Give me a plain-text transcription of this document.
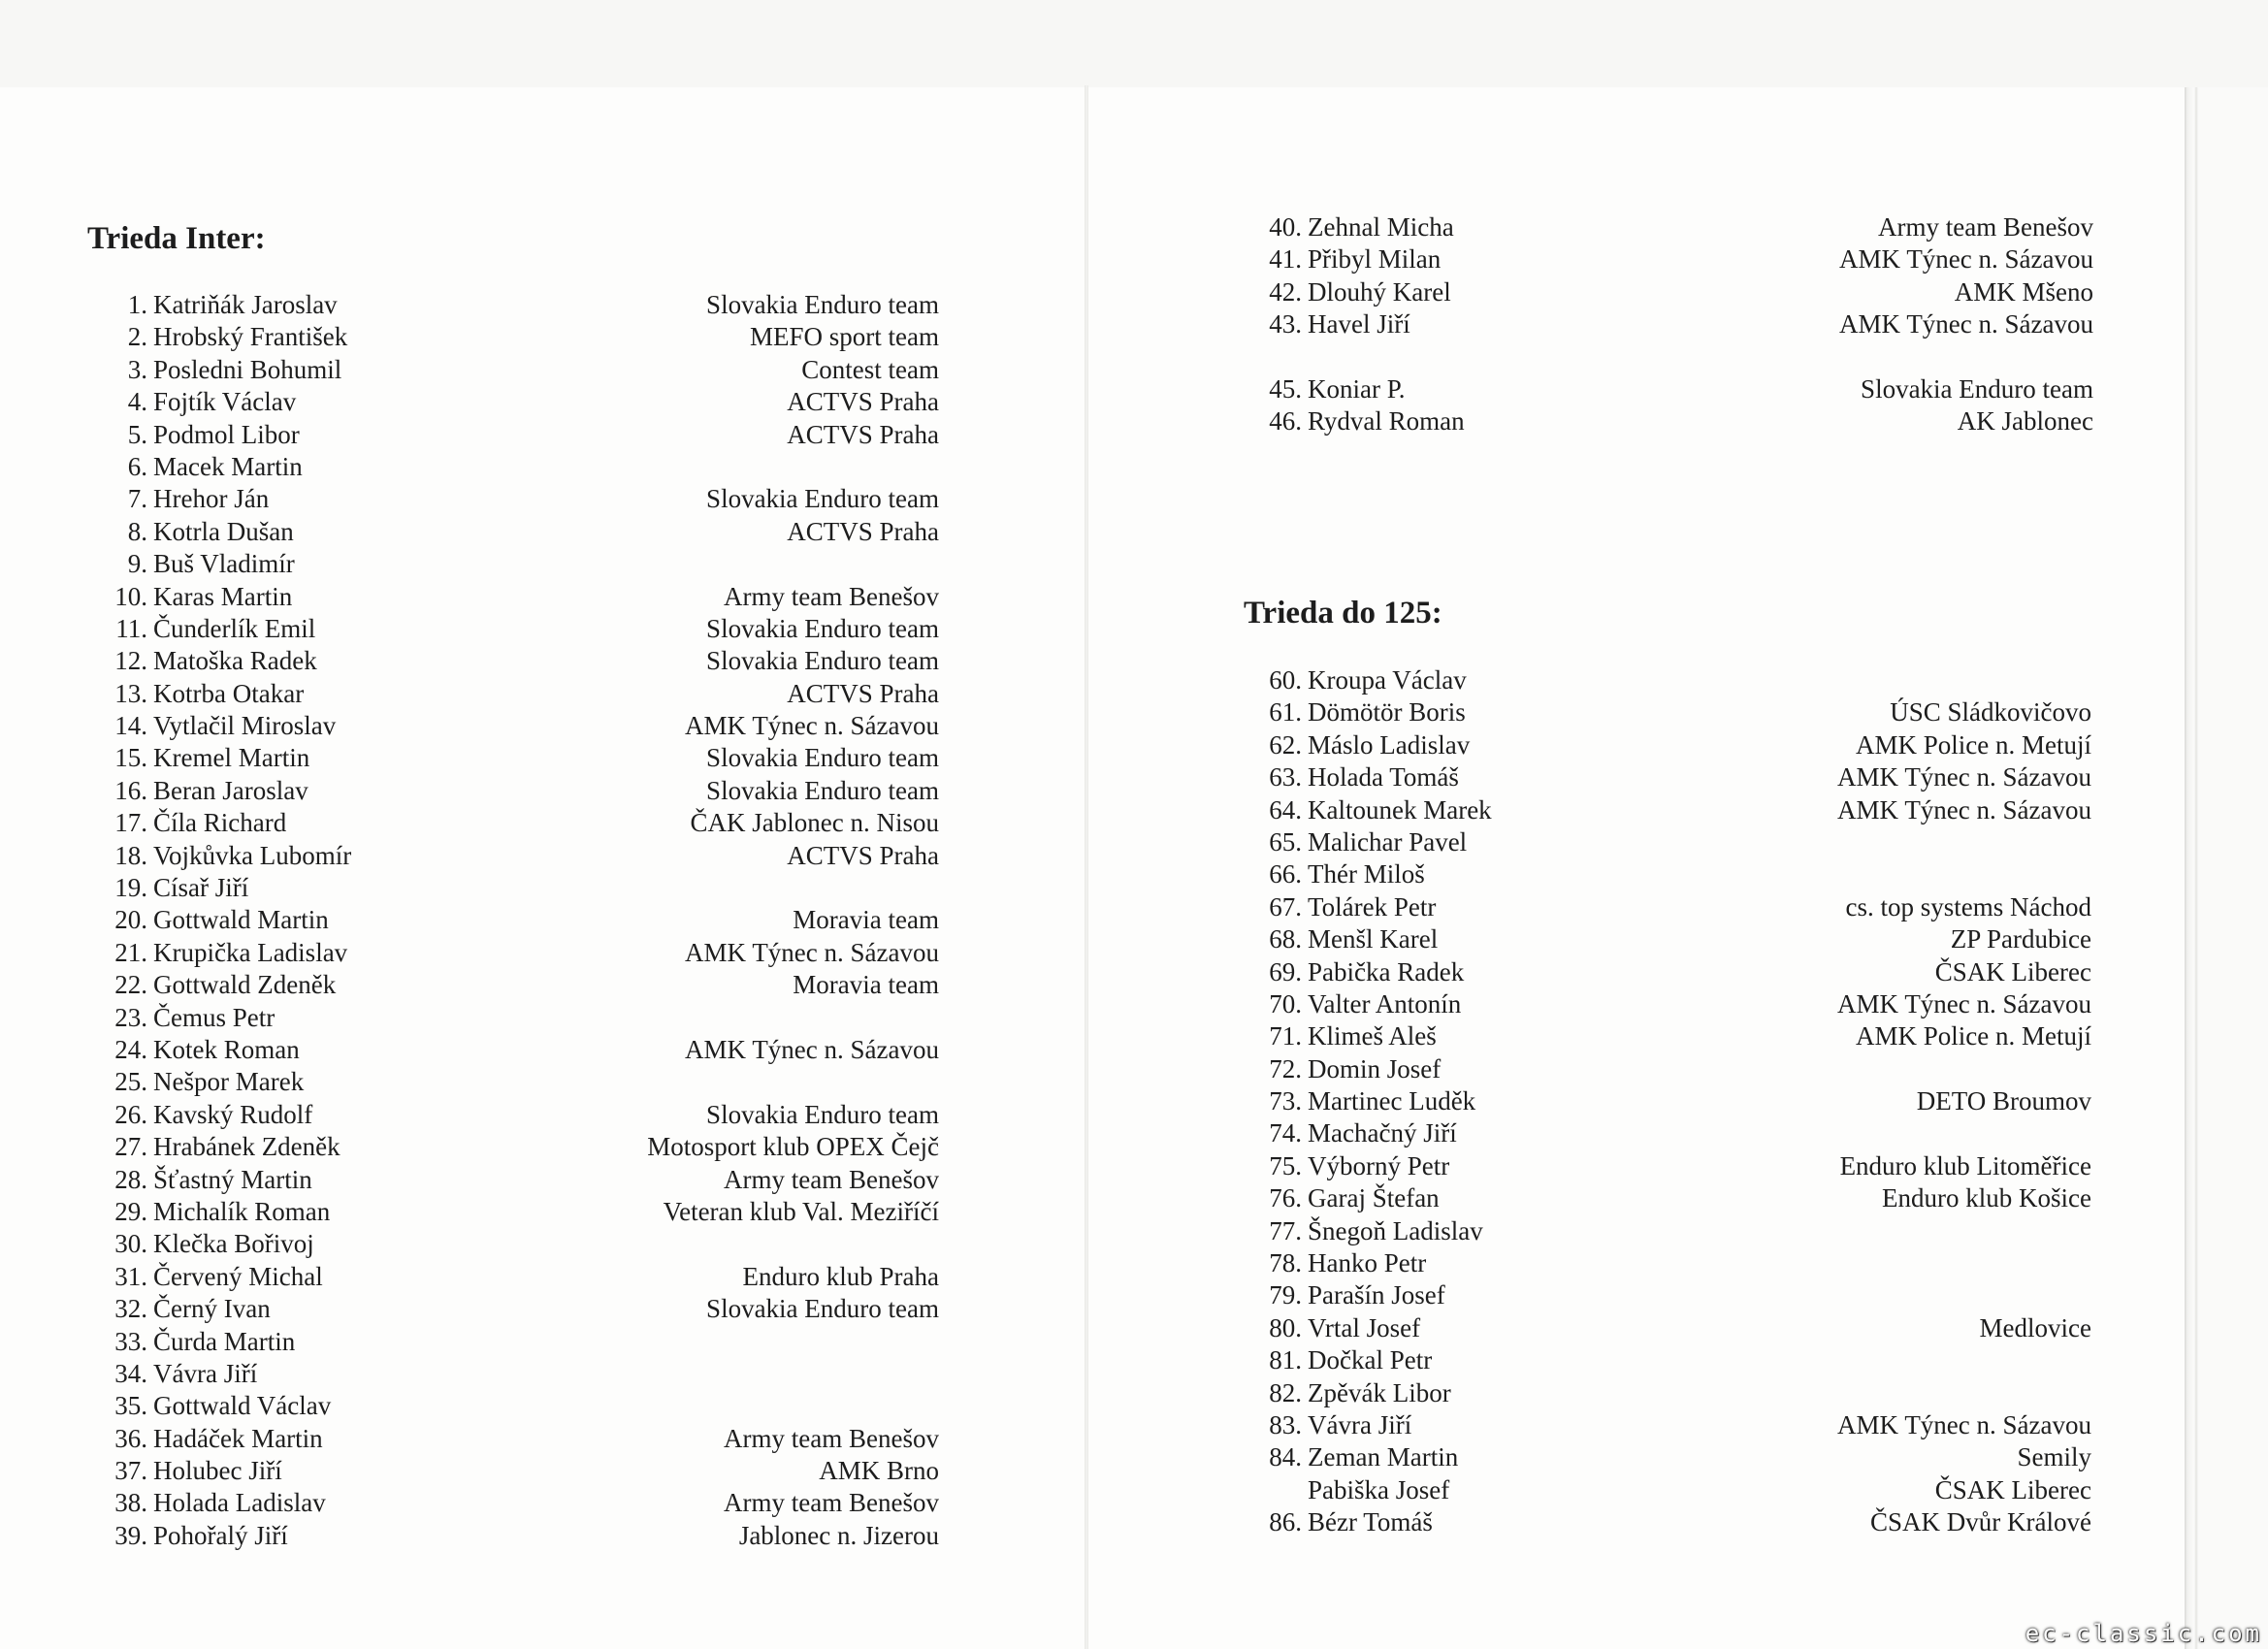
Trieda Inter:
1. Katriňák Jaroslav	Slovakia Enduro team
2. Hrobský František	MEFO sport team
3. Posledni Bohumil	Contest team
4. Fojtík Václav	ACTVS Praha
5. Podmol Libor	ACTVS Praha
6. Macek Martin
7. Hrehor Ján	Slovakia Enduro team
8. Kotrla Dušan	ACTVS Praha
9. Buš Vladimír
10. Karas Martin	Army team Benešov
11. Čunderlík Emil	Slovakia Enduro team
12. Matoška Radek	Slovakia Enduro team
13. Kotrba Otakar	ACTVS Praha
14. Vytlačil Miroslav	AMK Týnec n. Sázavou
15. Kremel Martin	Slovakia Enduro team
16. Beran Jaroslav	Slovakia Enduro team
17. Číla Richard	ČAK Jablonec n. Nisou
18. Vojkůvka Lubomír	ACTVS Praha
19. Císař Jiří
20. Gottwald Martin	Moravia team
21. Krupička Ladislav	AMK Týnec n. Sázavou
22. Gottwald Zdeněk	Moravia team
23. Čemus Petr
24. Kotek Roman	AMK Týnec n. Sázavou
25. Nešpor Marek
26. Kavský Rudolf	Slovakia Enduro team
27. Hrabánek Zdeněk	Motosport klub OPEX Čejč
28. Šťastný Martin	Army team Benešov
29. Michalík Roman	Veteran klub Val. Meziříčí
30. Klečka Bořivoj
31. Červený Michal	Enduro klub Praha
32. Černý Ivan	Slovakia Enduro team
33. Čurda Martin
34. Vávra Jiří
35. Gottwald Václav
36. Hadáček Martin	Army team Benešov
37. Holubec Jiří	AMK Brno
38. Holada Ladislav	Army team Benešov
39. Pohořalý Jiří	Jablonec n. Jizerou
40. Zehnal Micha	Army team Benešov
41. Přibyl Milan	AMK Týnec n. Sázavou
42. Dlouhý Karel	AMK Mšeno
43. Havel Jiří	AMK Týnec n. Sázavou
45. Koniar P.	Slovakia Enduro team
46. Rydval Roman	AK Jablonec
Trieda do 125:
60. Kroupa Václav
61. Dömötör Boris	ÚSC Sládkovičovo
62. Máslo Ladislav	AMK Police n. Metují
63. Holada Tomáš	AMK Týnec n. Sázavou
64. Kaltounek Marek	AMK Týnec n. Sázavou
65. Malichar Pavel
66. Thér Miloš
67. Tolárek Petr	cs. top systems Náchod
68. Menšl Karel	ZP Pardubice
69. Pabička Radek	ČSAK Liberec
70. Valter Antonín	AMK Týnec n. Sázavou
71. Klimeš Aleš	AMK Police n. Metují
72. Domin Josef
73. Martinec Luděk	DETO Broumov
74. Machačný Jiří
75. Výborný Petr	Enduro klub Litoměřice
76. Garaj Štefan	Enduro klub Košice
77. Šnegoň Ladislav
78. Hanko Petr
79. Parašín Josef
80. Vrtal Josef	Medlovice
81. Dočkal Petr
82. Zpěvák Libor
83. Vávra Jiří	AMK Týnec n. Sázavou
84. Zeman Martin	Semily
Pabiška Josef	ČSAK Liberec
86. Bézr Tomáš	ČSAK Dvůr Králové
ec-classic.com
